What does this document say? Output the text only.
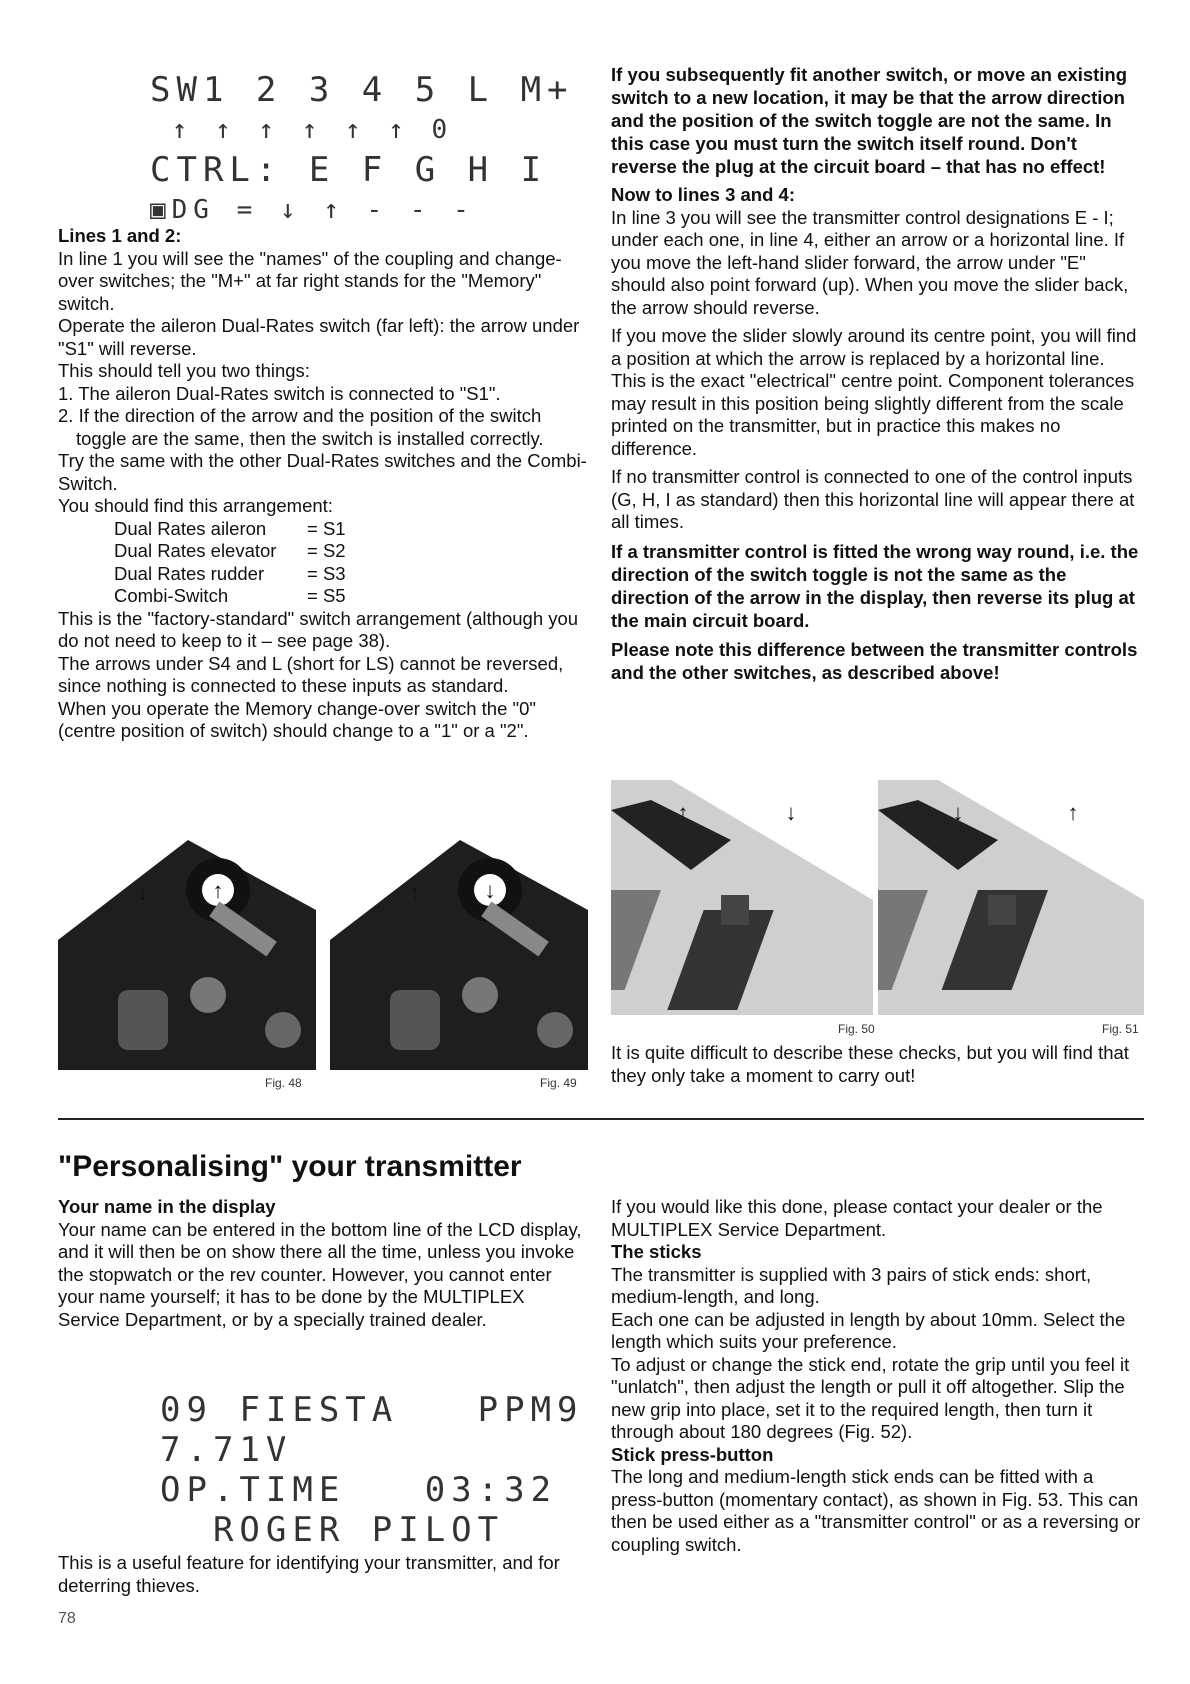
SW1 2 3 4 5 L M+
↑ ↑ ↑ ↑ ↑ ↑ 0
CTRL: E F G H I
▣DG = ↓ ↑ - - -

Lines 1 and 2:

In line 1 you will see the "names" of the coupling and change-over switches; the "M+" at far right stands for the "Memory" switch.

Operate the aileron Dual-Rates switch (far left): the arrow under "S1" will reverse.

This should tell you two things:

1. The aileron Dual-Rates switch is connected to "S1".

2. If the direction of the arrow and the position of the switch toggle are the same, then the switch is installed correctly.

Try the same with the other Dual-Rates switches and the Combi-Switch.

You should find this arrangement:

Dual Rates aileron = S1
Dual Rates elevator = S2
Dual Rates rudder = S3
Combi-Switch	= S5

This is the "factory-standard" switch arrangement (although you do not need to keep to it – see page 38).

The arrows under S4 and L (short for LS) cannot be reversed, since nothing is connected to these inputs as standard.

When you operate the Memory change-over switch the "0" (centre position of switch) should change to a "1" or a "2".

↑
↓	↓
↑
Fig. 48	Fig. 49

If you subsequently fit another switch, or move an existing switch to a new location, it may be that the arrow direction and the position of the switch toggle are not the same. In this case you must turn the switch itself round. Don't reverse the plug at the circuit board – that has no effect!

Now to lines 3 and 4:

In line 3 you will see the transmitter control designations E - I; under each one, in line 4, either an arrow or a horizontal line. If you move the left-hand slider forward, the arrow under "E" should also point forward (up). When you move the slider back, the arrow should reverse.

If you move the slider slowly around its centre point, you will find a position at which the arrow is replaced by a horizontal line. This is the exact "electrical" centre point. Component tolerances may result in this position being slightly different from the scale printed on the transmitter, but in practice this makes no difference.

If no transmitter control is connected to one of the control inputs (G, H, I as standard) then this horizontal line will appear there at all times.

If a transmitter control is fitted the wrong way round, i.e. the direction of the switch toggle is not the same as the direction of the arrow in the display, then reverse its plug at the main circuit board.

Please note this difference between the transmitter controls and the other switches, as described above!

↑	↓	↓	↑
Fig. 50	Fig. 51

It is quite difficult to describe these checks, but you will find that they only take a moment to carry out!

"Personalising" your transmitter

Your name in the display

Your name can be entered in the bottom line of the LCD display, and it will then be on show there all the time, unless you invoke the stopwatch or the rev counter. However, you cannot enter your name yourself; it has to be done by the MULTIPLEX Service Department, or by a specially trained dealer.

09 FIESTA   PPM9
7.71V
OP.TIME   03:32
ROGER PILOT

This is a useful feature for identifying your transmitter, and for deterring thieves.

If you would like this done, please contact your dealer or the MULTIPLEX Service Department.

The sticks

The transmitter is supplied with 3 pairs of stick ends: short, medium-length, and long.

Each one can be adjusted in length by about 10mm. Select the length which suits your preference.

To adjust or change the stick end, rotate the grip until you feel it "unlatch", then adjust the length or pull it off altogether. Slip the new grip into place, set it to the required length, then turn it through about 180 degrees (Fig. 52).

Stick press-button

The long and medium-length stick ends can be fitted with a press-button (momentary contact), as shown in Fig. 53. This can then be used either as a "transmitter control" or as a reversing or coupling switch.

78
